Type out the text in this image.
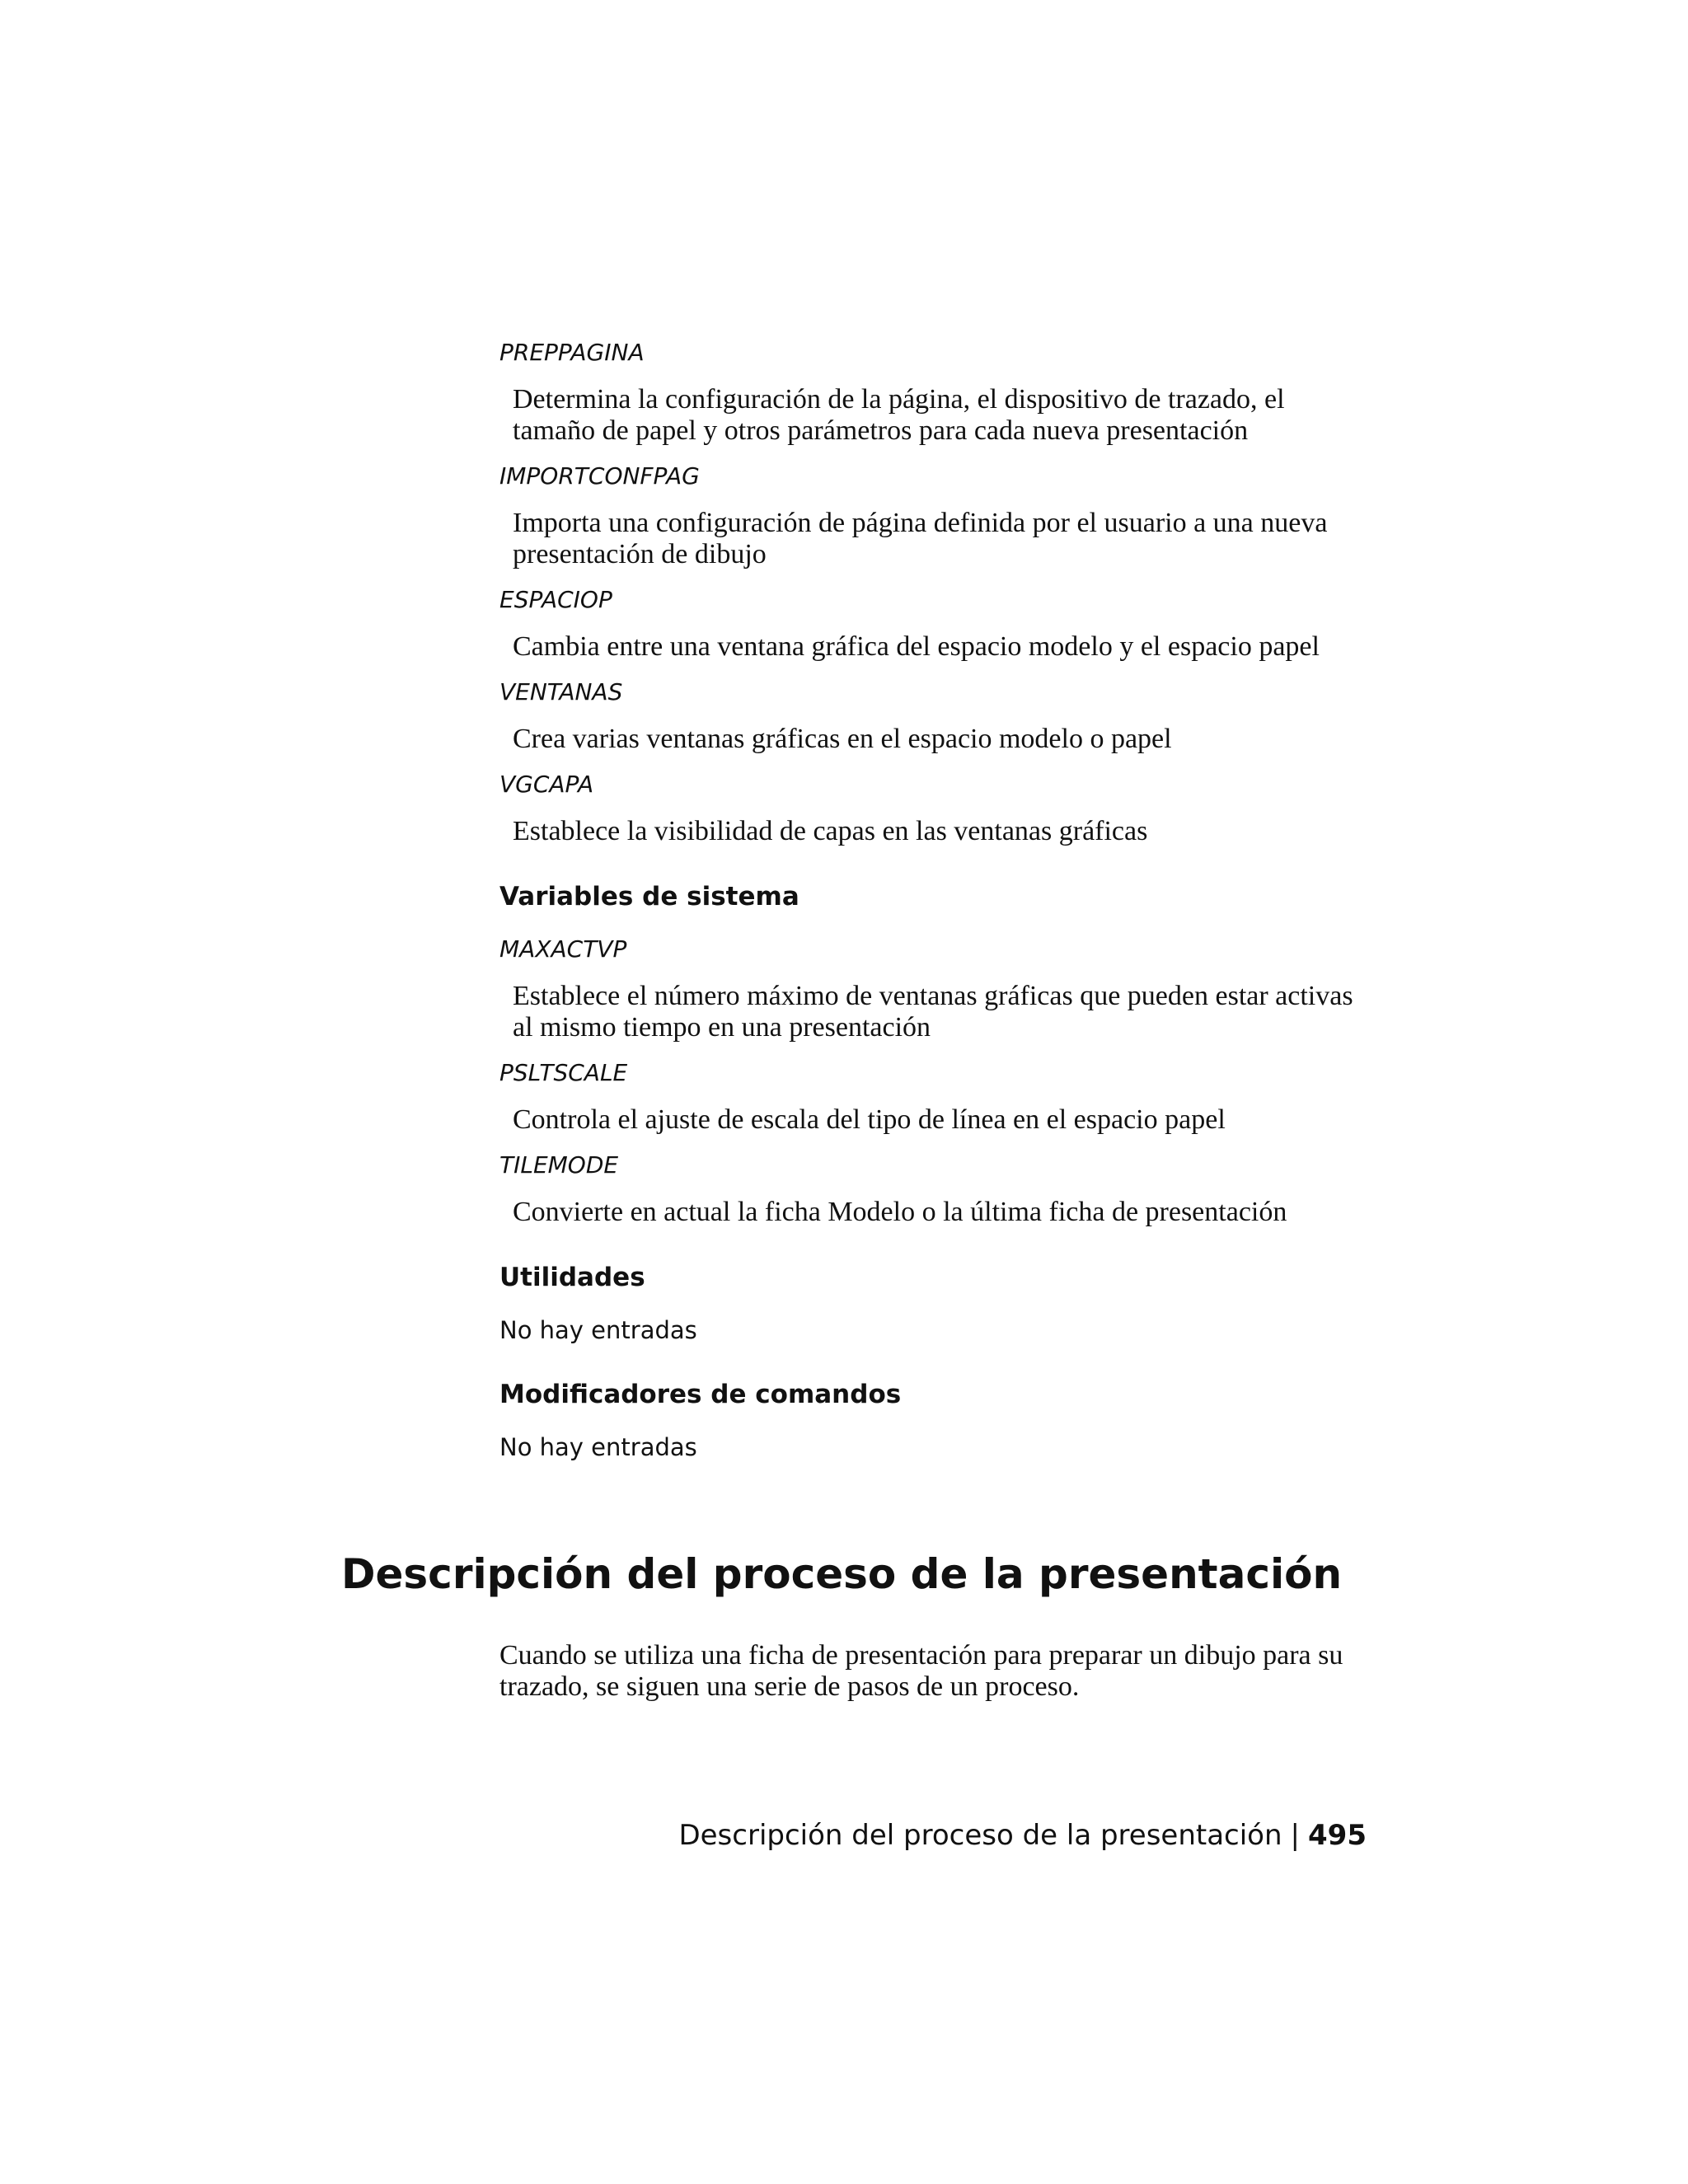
PREPPAGINA
Determina la configuración de la página, el dispositivo de trazado, el tamaño de papel y otros parámetros para cada nueva presentación
IMPORTCONFPAG
Importa una configuración de página definida por el usuario a una nueva presentación de dibujo
ESPACIOP
Cambia entre una ventana gráfica del espacio modelo y el espacio papel
VENTANAS
Crea varias ventanas gráficas en el espacio modelo o papel
VGCAPA
Establece la visibilidad de capas en las ventanas gráficas
Variables de sistema
MAXACTVP
Establece el número máximo de ventanas gráficas que pueden estar activas al mismo tiempo en una presentación
PSLTSCALE
Controla el ajuste de escala del tipo de línea en el espacio papel
TILEMODE
Convierte en actual la ficha Modelo o la última ficha de presentación
Utilidades
No hay entradas
Modificadores de comandos
No hay entradas
Descripción del proceso de la presentación

Cuando se utiliza una ficha de presentación para preparar un dibujo para su trazado, se siguen una serie de pasos de un proceso.

Descripción del proceso de la presentación | 495
